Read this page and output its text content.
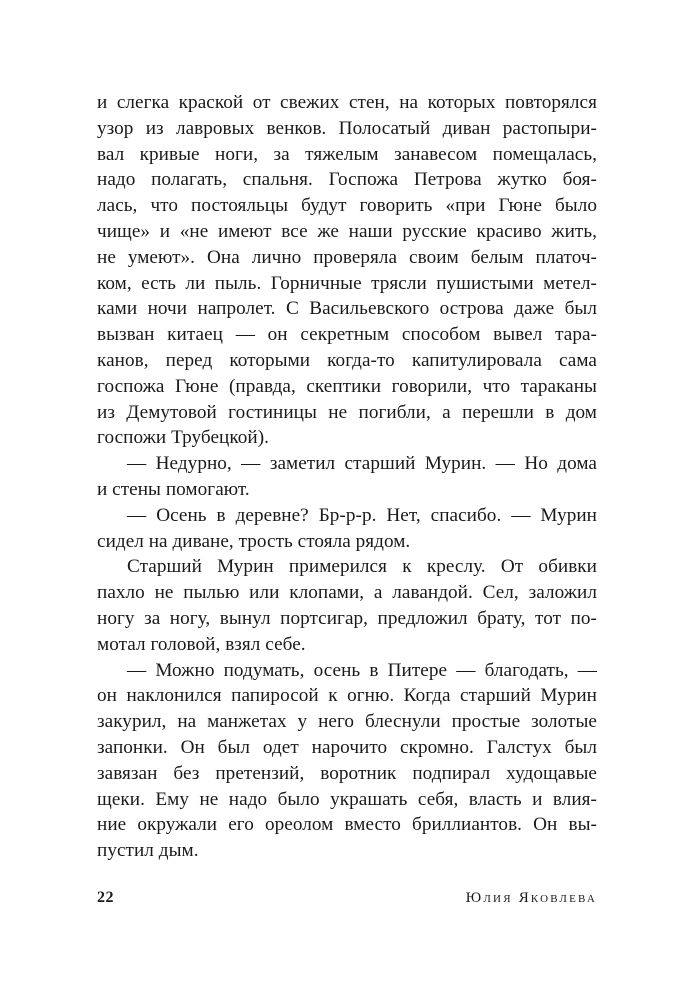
и слегка краской от свежих стен, на которых повторялся
узор из лавровых венков. Полосатый диван растопыри-
вал кривые ноги, за тяжелым занавесом помещалась,
надо полагать, спальня. Госпожа Петрова жутко боя-
лась, что постояльцы будут говорить «при Гюне было
чище» и «не имеют все же наши русские красиво жить,
не умеют». Она лично проверяла своим белым платоч-
ком, есть ли пыль. Горничные трясли пушистыми метел-
ками ночи напролет. С Васильевского острова даже был
вызван китаец — он секретным способом вывел тара-
канов, перед которыми когда-то капитулировала сама
госпожа Гюне (правда, скептики говорили, что тараканы
из Демутовой гостиницы не погибли, а перешли в дом
госпожи Трубецкой).
— Недурно, — заметил старший Мурин. — Но дома
и стены помогают.
— Осень в деревне? Бр-р-р. Нет, спасибо. — Мурин
сидел на диване, трость стояла рядом.
Старший Мурин примерился к креслу. От обивки
пахло не пылью или клопами, а лавандой. Сел, заложил
ногу за ногу, вынул портсигар, предложил брату, тот по-
мотал головой, взял себе.
— Можно подумать, осень в Питере — благодать, —
он наклонился папиросой к огню. Когда старший Мурин
закурил, на манжетах у него блеснули простые золотые
запонки. Он был одет нарочито скромно. Галстух был
завязан без претензий, воротник подпирал худощавые
щеки. Ему не надо было украшать себя, власть и влия-
ние окружали его ореолом вместо бриллиантов. Он вы-
пустил дым.
22	Юлия Яковлева
